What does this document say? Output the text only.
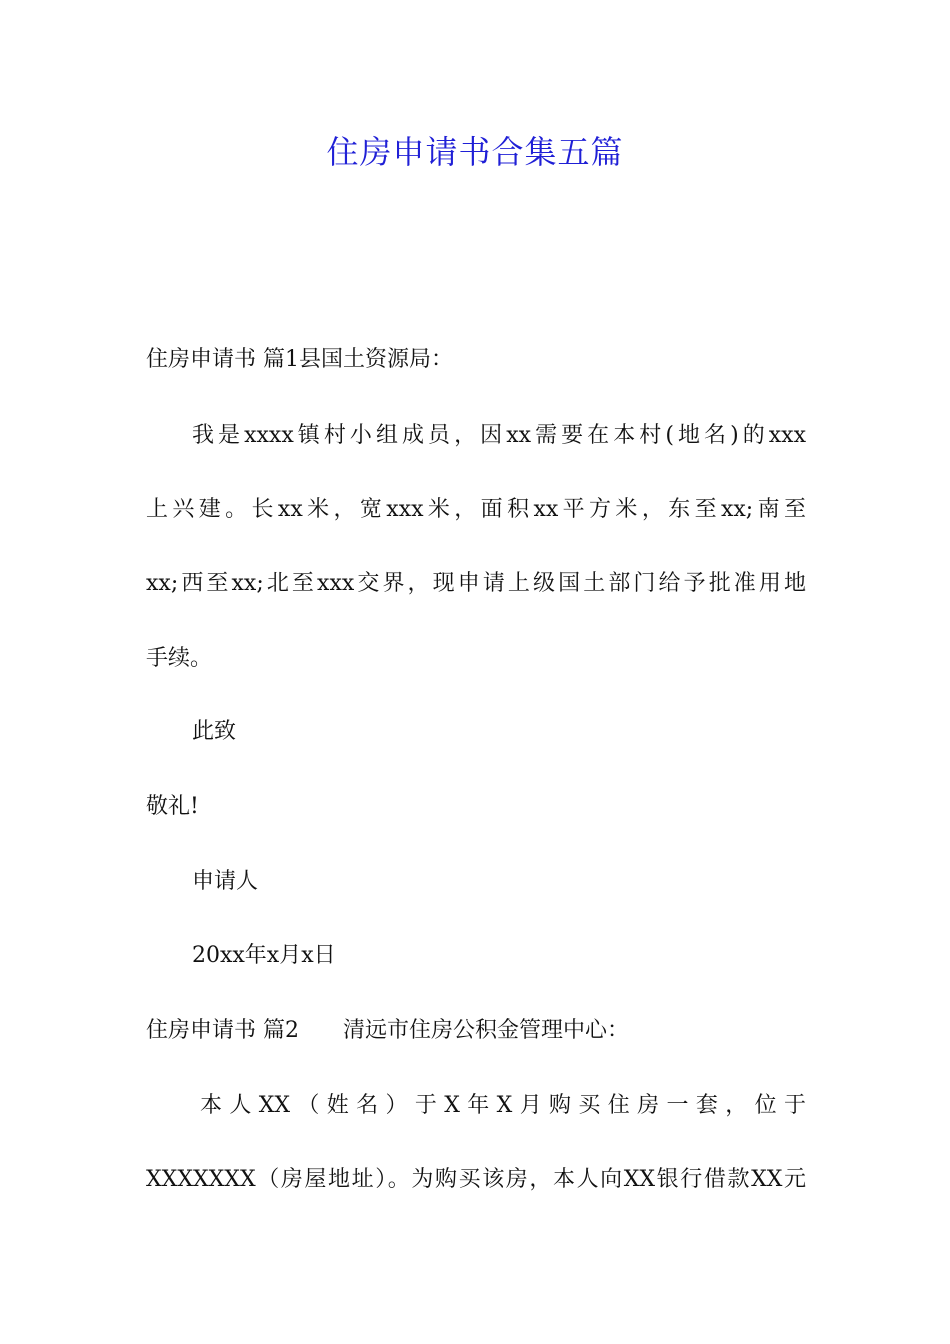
住房申请书合集五篇
住房申请书 篇1县国土资源局：
我是xxxx镇村小组成员，因xx需要在本村(地名)的xxx
上兴建。长xx米，宽xxx米，面积xx平方米，东至xx;南至
xx;西至xx;北至xxx交界，现申请上级国土部门给予批准用地
手续。
此致
敬礼!
申请人
20xx年x月x日
住房申请书 篇2　　清远市住房公积金管理中心：
本人XX（姓名）于X年X月购买住房一套，位于
XXXXXXX（房屋地址）。为购买该房，本人向XX银行借款XX元
